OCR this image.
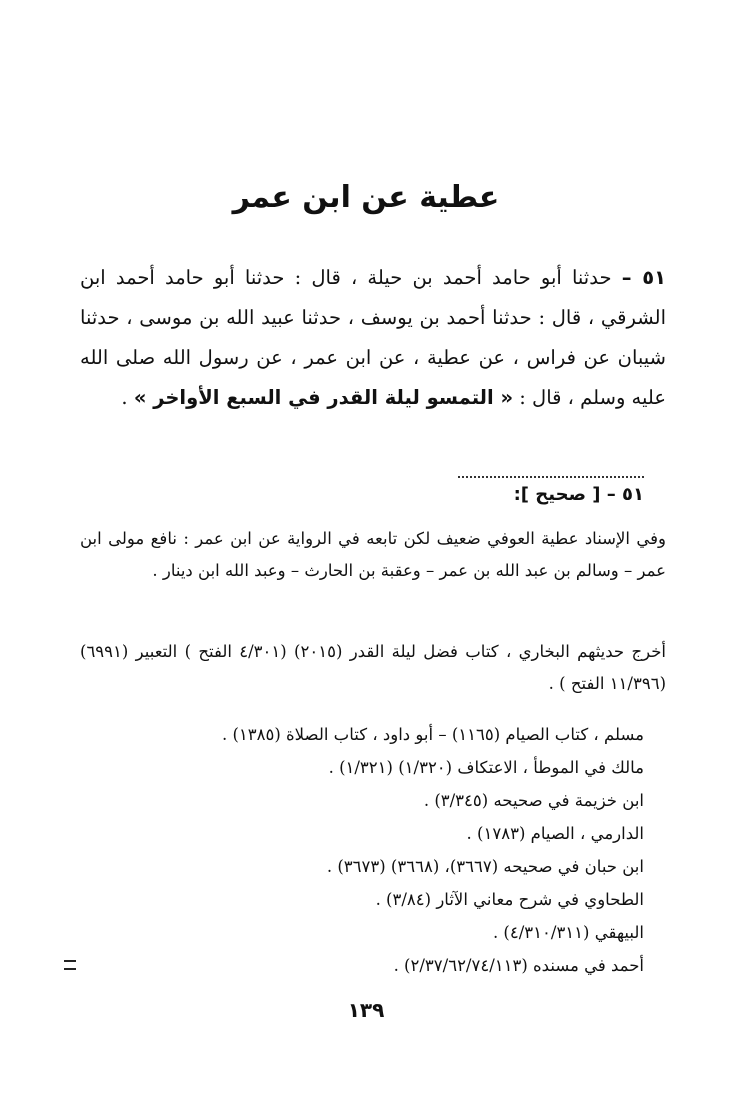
عطية عن ابن عمر
٥١ – حدثنا أبو حامد أحمد بن حيلة ، قال : حدثنا أبو حامد أحمد ابن الشرقي ، قال : حدثنا أحمد بن يوسف ، حدثنا عبيد الله بن موسى ، حدثنا شيبان عن فراس ، عن عطية ، عن ابن عمر ، عن رسول الله صلى الله عليه وسلم ، قال : « التمسو ليلة القدر في السبع الأواخر » .
٥١ – [ صحيح ]:
وفي الإسناد عطية العوفي ضعيف لكن تابعه في الرواية عن ابن عمر : نافع مولى ابن عمر – وسالم بن عبد الله بن عمر – وعقبة بن الحارث – وعبد الله ابن دينار .
أخرج حديثهم البخاري ، كتاب فضل ليلة القدر (٢٠١٥) (٤/٣٠١ الفتح ) التعبير (٦٩٩١) (١١/٣٩٦ الفتح ) .
مسلم ، كتاب الصيام (١١٦٥) – أبو داود ، كتاب الصلاة (١٣٨٥) .
مالك في الموطأ ، الاعتكاف (١/٣٢٠) (١/٣٢١) .
ابن خزيمة في صحيحه (٣/٣٤٥) .
الدارمي ، الصيام (١٧٨٣) .
ابن حبان في صحيحه (٣٦٦٧)، (٣٦٦٨) (٣٦٧٣) .
الطحاوي في شرح معاني الآثار (٣/٨٤) .
البيهقي (٤/٣١٠/٣١١) .
أحمد في مسنده (٢/٣٧/٦٢/٧٤/١١٣) .
١٣٩
